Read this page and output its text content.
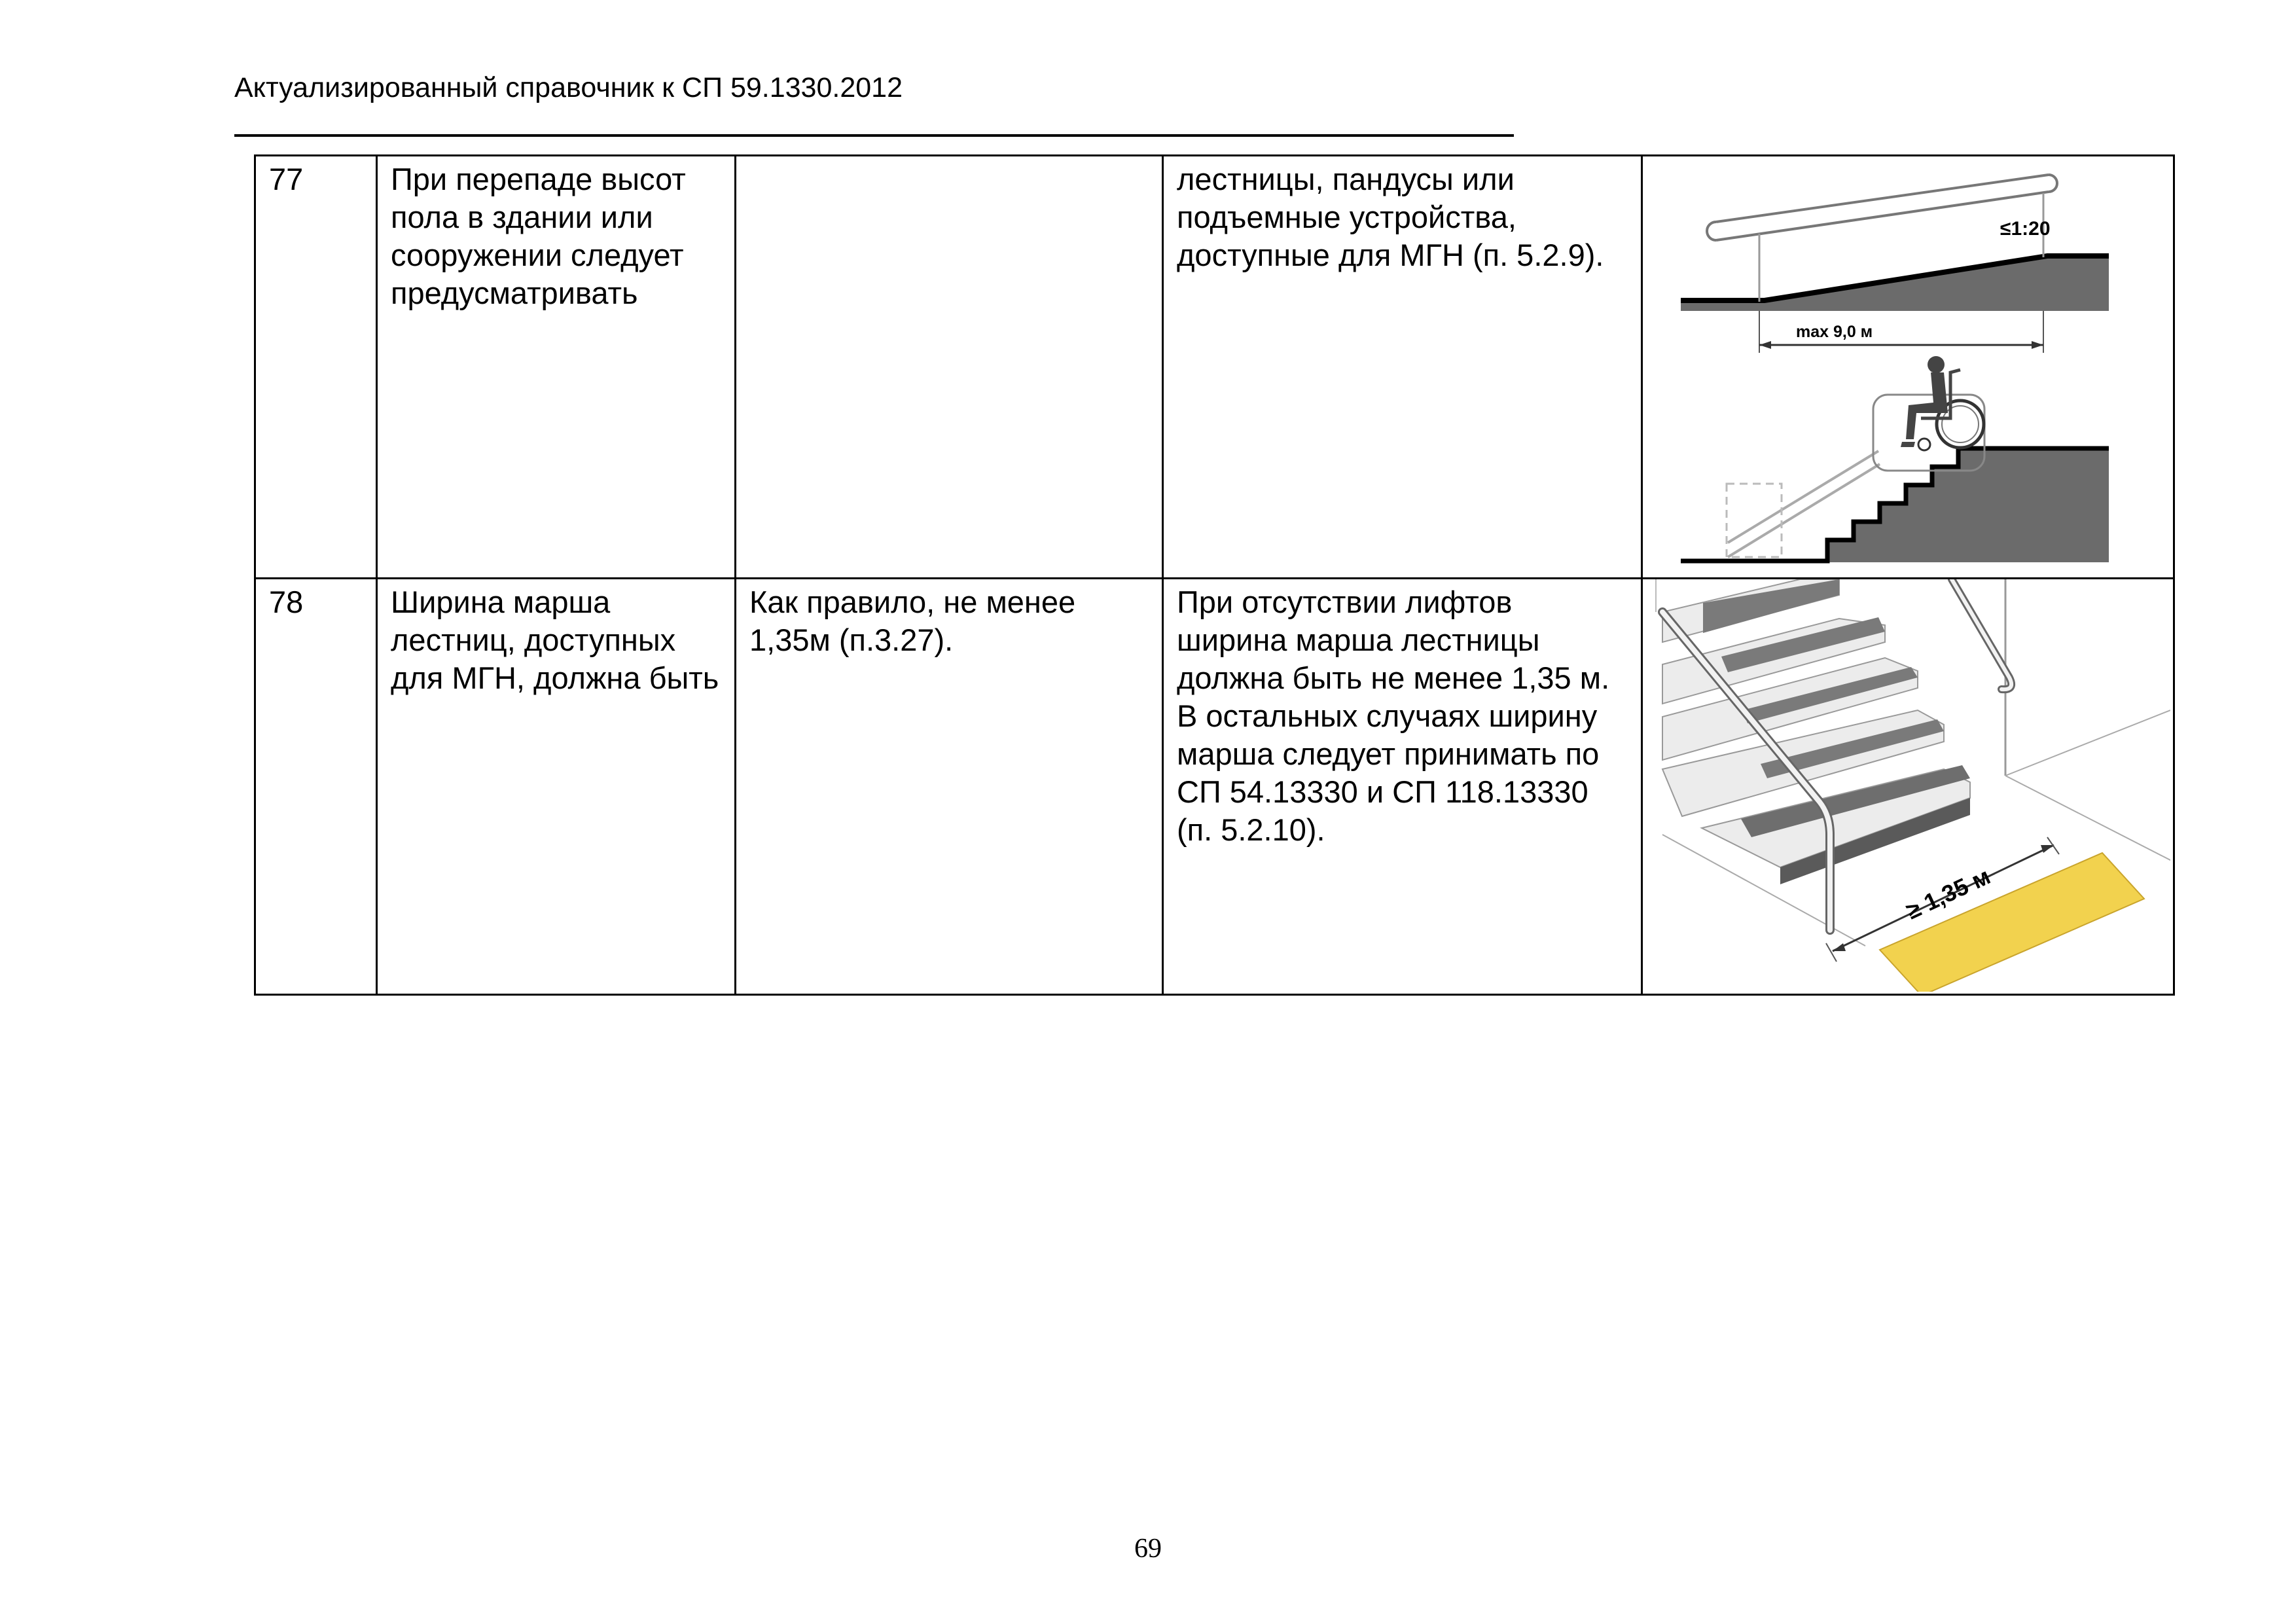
Актуализированный справочник к СП 59.1330.2012
77	При перепаде высот пола в здании или сооружении следует предусматривать		лестницы, пандусы или подъемные устройства, доступные для МГН (п. 5.2.9).	≤1:20
max 9,0 м

78	Ширина марша лестниц, доступных для МГН, должна быть	Как правило, не менее 1,35м (п.3.27).	При отсутствии лифтов ширина марша лестницы должна быть не менее 1,35 м. В остальных случаях ширину марша следует принимать по СП 54.13330 и СП 118.13330 (п. 5.2.10).	≥ 1,35 м
69
